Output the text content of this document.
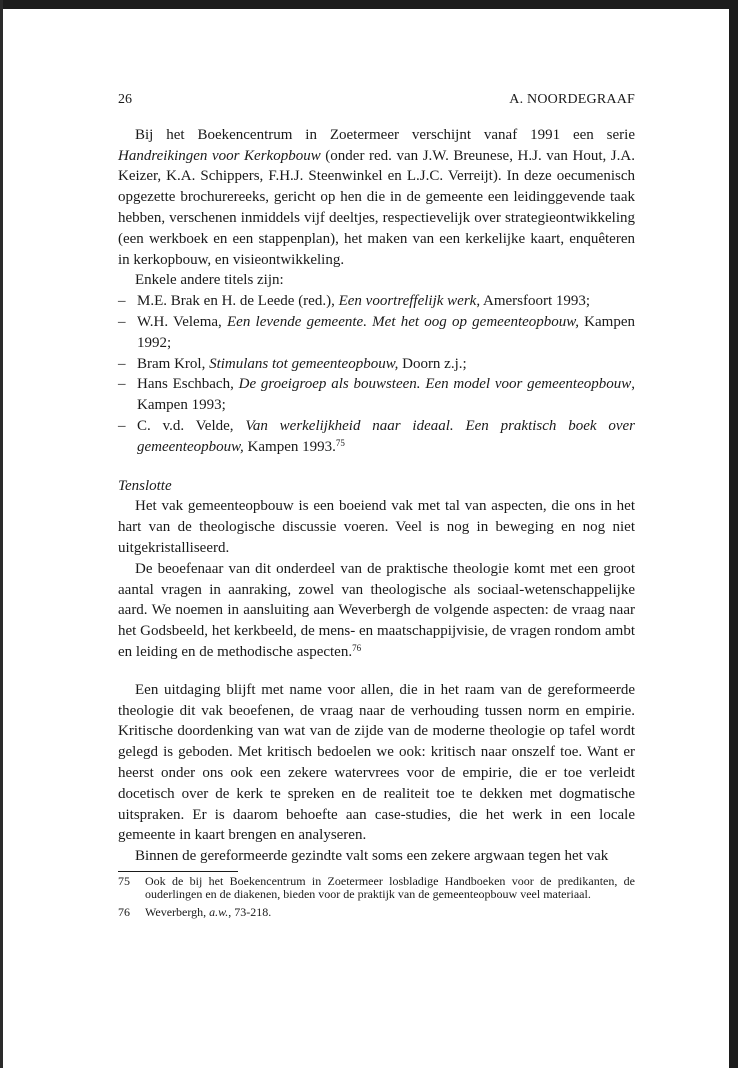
26	A. NOORDEGRAAF

Bij het Boekencentrum in Zoetermeer verschijnt vanaf 1991 een serie Handreikingen voor Kerkopbouw (onder red. van J.W. Breunese, H.J. van Hout, J.A. Keizer, K.A. Schippers, F.H.J. Steenwinkel en L.J.C. Verreijt). In deze oecumenisch opgezette brochurereeks, gericht op hen die in de gemeente een leidinggevende taak hebben, verschenen inmiddels vijf deeltjes, respectievelijk over strategieontwikkeling (een werkboek en een stappenplan), het maken van een kerkelijke kaart, enquêteren in kerkopbouw, en visieontwikkeling.

Enkele andere titels zijn:

– M.E. Brak en H. de Leede (red.), Een voortreffelijk werk, Amersfoort 1993;
– W.H. Velema, Een levende gemeente. Met het oog op gemeenteopbouw, Kampen 1992;
– Bram Krol, Stimulans tot gemeenteopbouw, Doorn z.j.;
– Hans Eschbach, De groeigroep als bouwsteen. Een model voor gemeenteopbouw, Kampen 1993;
– C. v.d. Velde, Van werkelijkheid naar ideaal. Een praktisch boek over gemeenteopbouw, Kampen 1993.75
Tenslotte

Het vak gemeenteopbouw is een boeiend vak met tal van aspecten, die ons in het hart van de theologische discussie voeren. Veel is nog in beweging en nog niet uitgekristalliseerd.

De beoefenaar van dit onderdeel van de praktische theologie komt met een groot aantal vragen in aanraking, zowel van theologische als sociaal-wetenschappelijke aard. We noemen in aansluiting aan Weverbergh de volgende aspecten: de vraag naar het Godsbeeld, het kerkbeeld, de mens- en maatschappijvisie, de vragen rondom ambt en leiding en de methodische aspecten.$^{76}$

Een uitdaging blijft met name voor allen, die in het raam van de gereformeerde theologie dit vak beoefenen, de vraag naar de verhouding tussen norm en empirie. Kritische doordenking van wat van de zijde van de moderne theologie op tafel wordt gelegd is geboden. Met kritisch bedoelen we ook: kritisch naar onszelf toe. Want er heerst onder ons ook een zekere watervrees voor de empirie, die er toe verleidt docetisch over de kerk te spreken en de realiteit toe te dekken met dogmatische uitspraken. Er is daarom behoefte aan case-studies, die het werk in een locale gemeente in kaart brengen en analyseren.

Binnen de gereformeerde gezindte valt soms een zekere argwaan tegen het vak

75	Ook de bij het Boekencentrum in Zoetermeer losbladige Handboeken voor de predikanten, de ouderlingen en de diakenen, bieden voor de praktijk van de gemeenteopbouw veel materiaal.
76	Weverbergh, a.w., 73-218.
